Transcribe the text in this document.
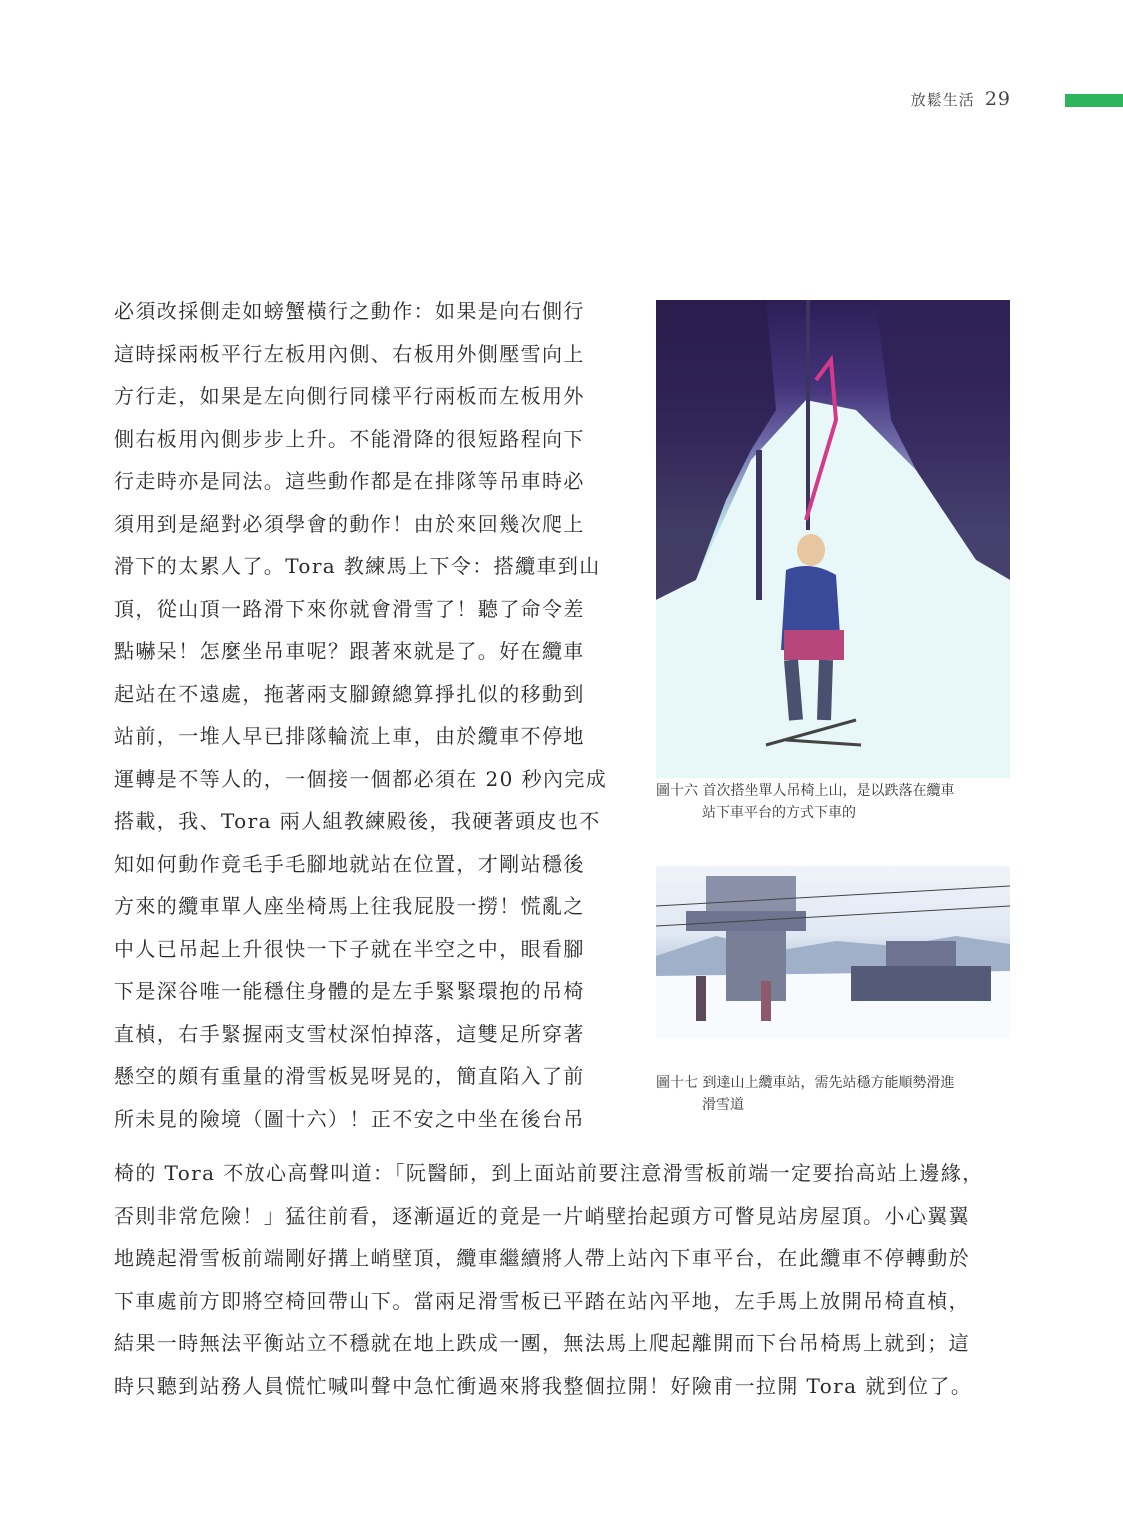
放鬆生活 29
必須改採側走如螃蟹橫行之動作：如果是向右側行
這時採兩板平行左板用內側、右板用外側壓雪向上
方行走，如果是左向側行同樣平行兩板而左板用外
側右板用內側步步上升。不能滑降的很短路程向下
行走時亦是同法。這些動作都是在排隊等吊車時必
須用到是絕對必須學會的動作！由於來回幾次爬上
滑下的太累人了。Tora 教練馬上下令：搭纜車到山
頂，從山頂一路滑下來你就會滑雪了！聽了命令差
點嚇呆！怎麼坐吊車呢？跟著來就是了。好在纜車
起站在不遠處，拖著兩支腳鐐總算掙扎似的移動到
站前，一堆人早已排隊輪流上車，由於纜車不停地
運轉是不等人的，一個接一個都必須在 20 秒內完成
搭載，我、Tora 兩人組教練殿後，我硬著頭皮也不
知如何動作竟毛手毛腳地就站在位置，才剛站穩後
方來的纜車單人座坐椅馬上往我屁股一撈！慌亂之
中人已吊起上升很快一下子就在半空之中，眼看腳
下是深谷唯一能穩住身體的是左手緊緊環抱的吊椅
直楨，右手緊握兩支雪杖深怕掉落，這雙足所穿著
懸空的頗有重量的滑雪板晃呀晃的，簡直陷入了前
所未見的險境（圖十六）！正不安之中坐在後台吊
圖十六 首次搭坐單人吊椅上山，是以跌落在纜車
站下車平台的方式下車的
圖十七 到達山上纜車站，需先站穩方能順勢滑進
滑雪道
椅的 Tora 不放心高聲叫道：「阮醫師，到上面站前要注意滑雪板前端一定要抬高站上邊緣，
否則非常危險！」猛往前看，逐漸逼近的竟是一片峭壁抬起頭方可瞥見站房屋頂。小心翼翼
地蹺起滑雪板前端剛好搆上峭壁頂，纜車繼續將人帶上站內下車平台，在此纜車不停轉動於
下車處前方即將空椅回帶山下。當兩足滑雪板已平踏在站內平地，左手馬上放開吊椅直楨，
結果一時無法平衡站立不穩就在地上跌成一團，無法馬上爬起離開而下台吊椅馬上就到；這
時只聽到站務人員慌忙喊叫聲中急忙衝過來將我整個拉開！好險甫一拉開 Tora 就到位了。
